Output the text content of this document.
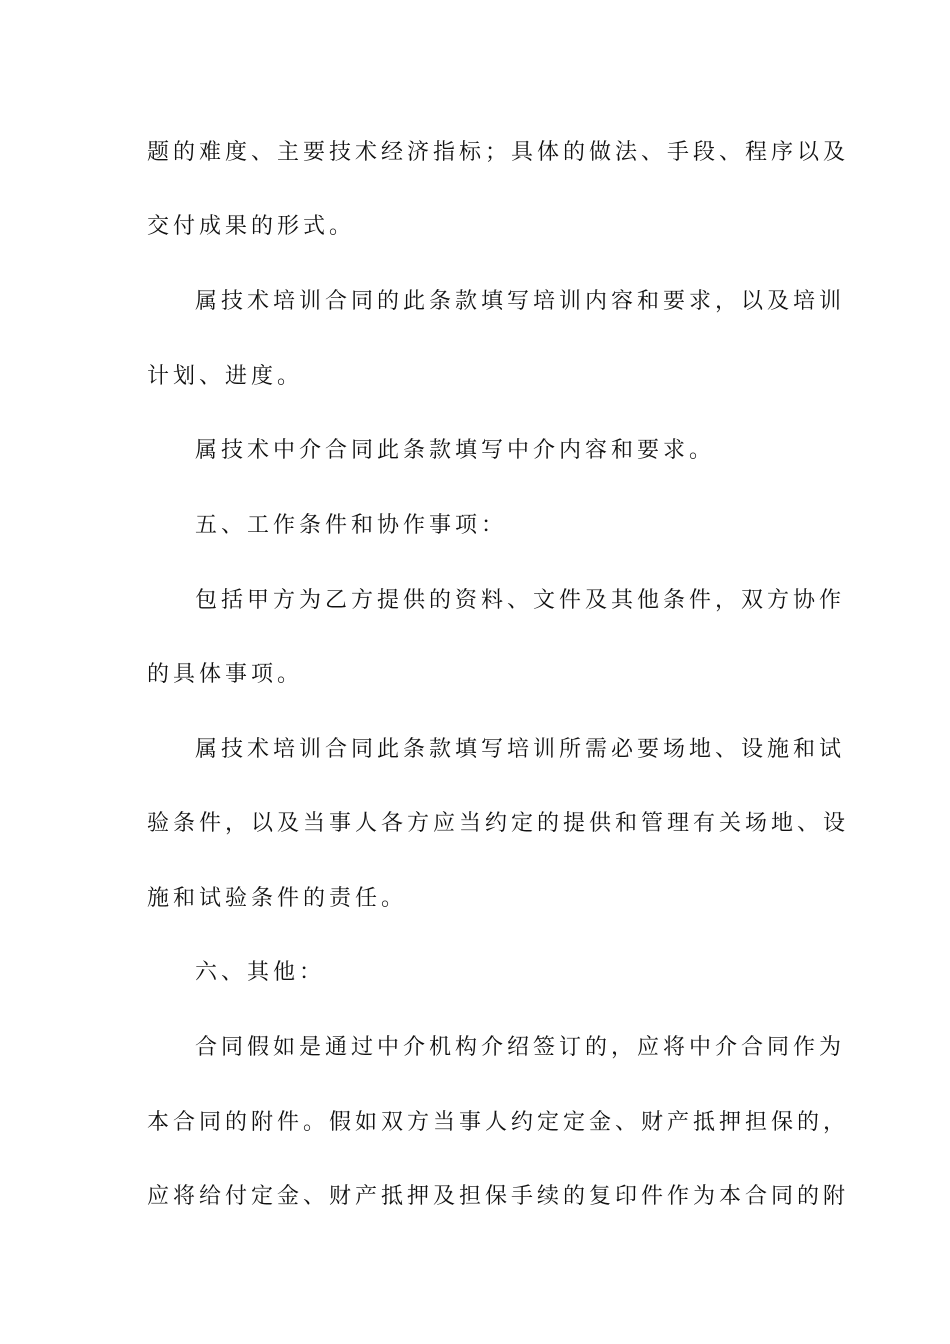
题的难度、主要技术经济指标；具体的做法、手段、程序以及
交付成果的形式。
属技术培训合同的此条款填写培训内容和要求，以及培训
计划、进度。
属技术中介合同此条款填写中介内容和要求。
五、工作条件和协作事项：
包括甲方为乙方提供的资料、文件及其他条件，双方协作
的具体事项。
属技术培训合同此条款填写培训所需必要场地、设施和试
验条件，以及当事人各方应当约定的提供和管理有关场地、设
施和试验条件的责任。
六、其他：
合同假如是通过中介机构介绍签订的，应将中介合同作为
本合同的附件。假如双方当事人约定定金、财产抵押担保的，
应将给付定金、财产抵押及担保手续的复印件作为本合同的附
